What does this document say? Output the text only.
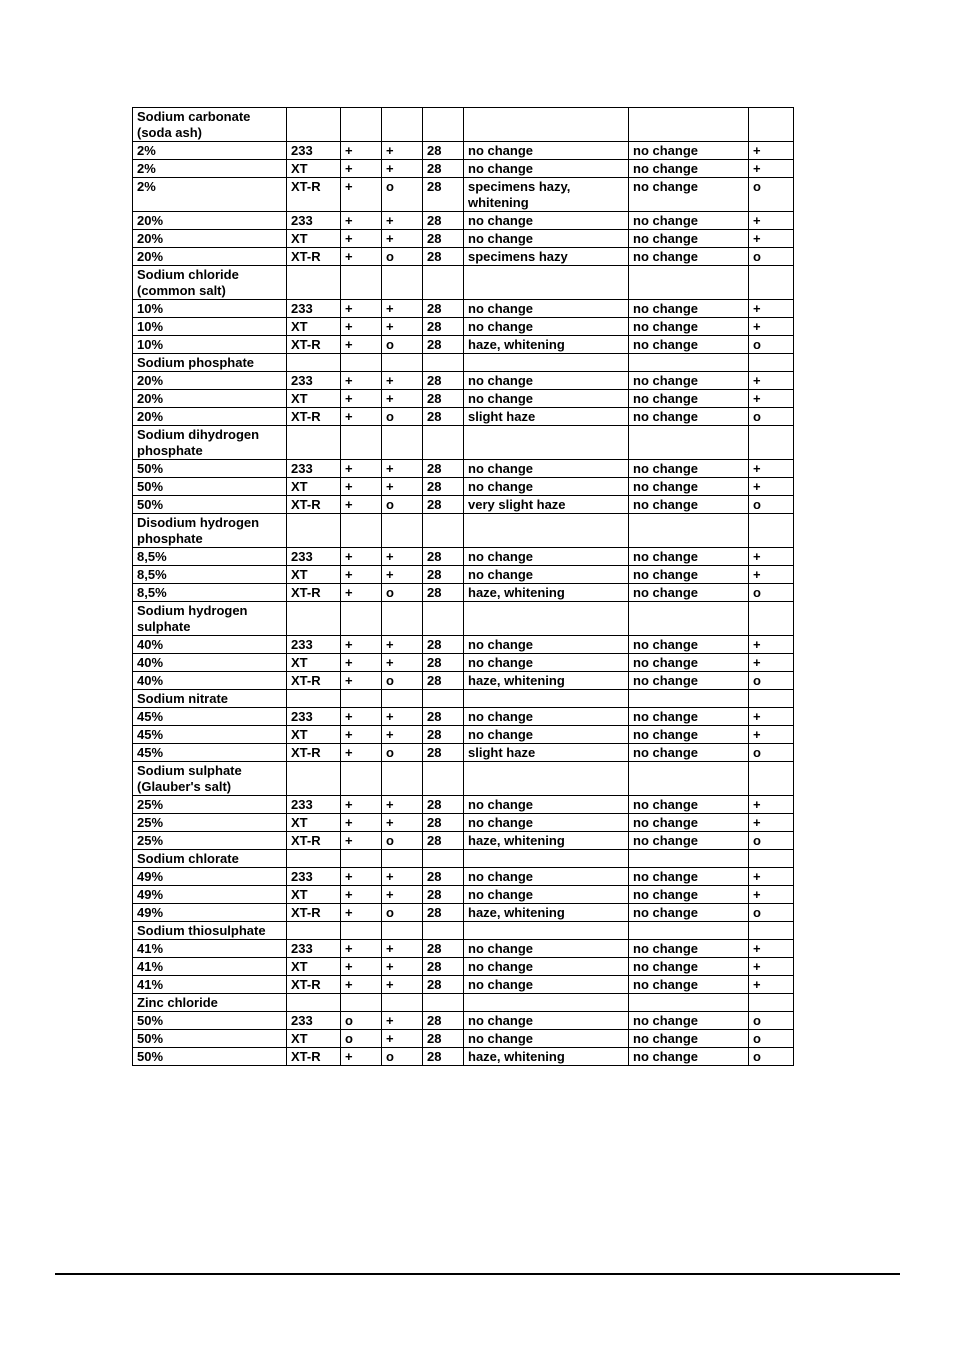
Sodium carbonate (soda ash)							
2%	233	+	+	28	no change	no change	+
2%	XT	+	+	28	no change	no change	+
2%	XT-R	+	o	28	specimens hazy, whitening	no change	o
20%	233	+	+	28	no change	no change	+
20%	XT	+	+	28	no change	no change	+
20%	XT-R	+	o	28	specimens hazy	no change	o
Sodium chloride (common salt)							
10%	233	+	+	28	no change	no change	+
10%	XT	+	+	28	no change	no change	+
10%	XT-R	+	o	28	haze, whitening	no change	o
Sodium phosphate							
20%	233	+	+	28	no change	no change	+
20%	XT	+	+	28	no change	no change	+
20%	XT-R	+	o	28	slight haze	no change	o
Sodium dihydrogen phosphate							
50%	233	+	+	28	no change	no change	+
50%	XT	+	+	28	no change	no change	+
50%	XT-R	+	o	28	very slight haze	no change	o
Disodium hydrogen phosphate							
8,5%	233	+	+	28	no change	no change	+
8,5%	XT	+	+	28	no change	no change	+
8,5%	XT-R	+	o	28	haze, whitening	no change	o
Sodium hydrogen sulphate							
40%	233	+	+	28	no change	no change	+
40%	XT	+	+	28	no change	no change	+
40%	XT-R	+	o	28	haze, whitening	no change	o
Sodium nitrate							
45%	233	+	+	28	no change	no change	+
45%	XT	+	+	28	no change	no change	+
45%	XT-R	+	o	28	slight haze	no change	o
Sodium sulphate (Glauber's salt)							
25%	233	+	+	28	no change	no change	+
25%	XT	+	+	28	no change	no change	+
25%	XT-R	+	o	28	haze, whitening	no change	o
Sodium chlorate							
49%	233	+	+	28	no change	no change	+
49%	XT	+	+	28	no change	no change	+
49%	XT-R	+	o	28	haze, whitening	no change	o
Sodium thiosulphate							
41%	233	+	+	28	no change	no change	+
41%	XT	+	+	28	no change	no change	+
41%	XT-R	+	+	28	no change	no change	+
Zinc chloride							
50%	233	o	+	28	no change	no change	o
50%	XT	o	+	28	no change	no change	o
50%	XT-R	+	o	28	haze, whitening	no change	o
